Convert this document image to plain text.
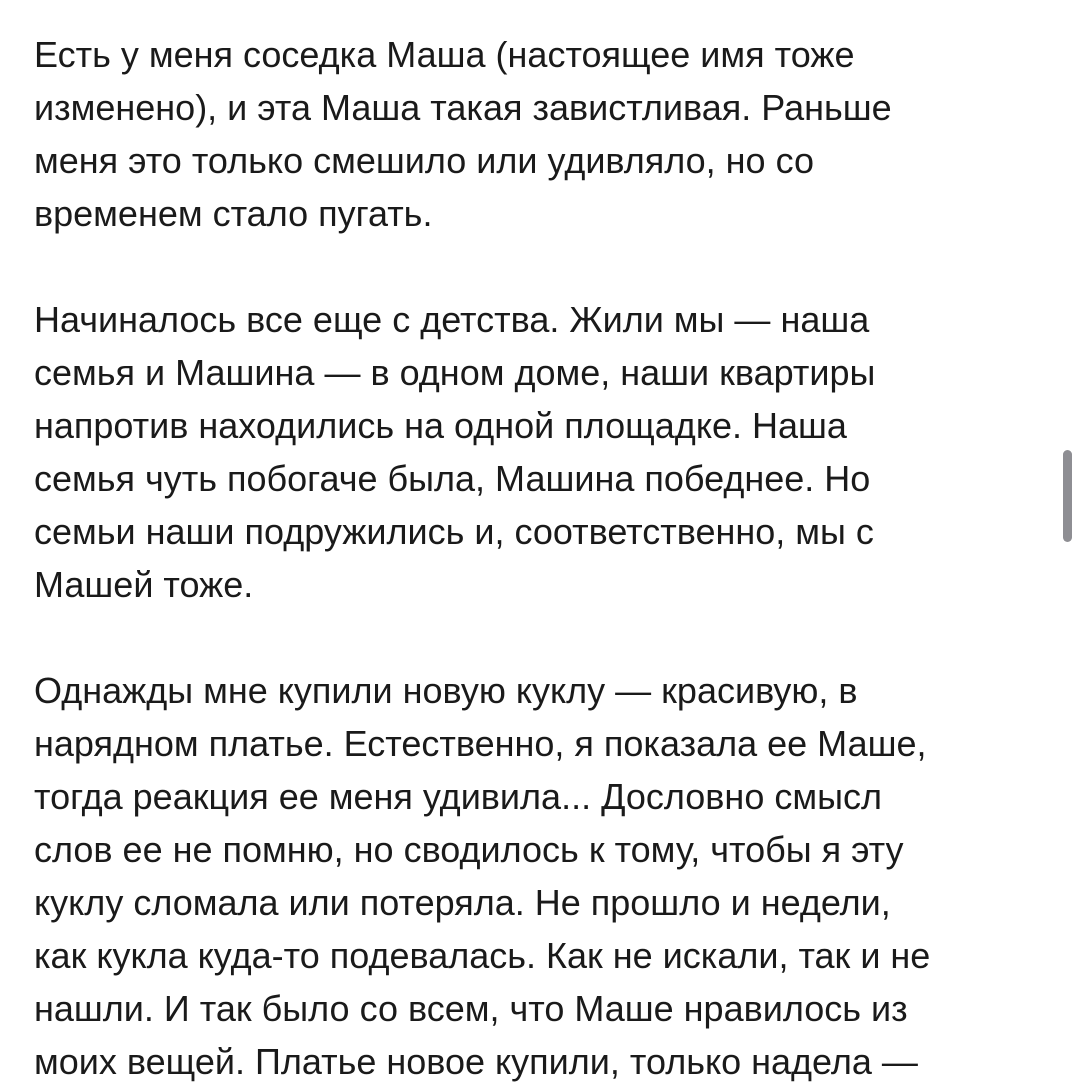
Есть у меня соседка Маша (настоящее имя тоже
изменено), и эта Маша такая завистливая. Раньше
меня это только смешило или удивляло, но со
временем стало пугать.
Начиналось все еще с детства. Жили мы — наша
семья и Машина — в одном доме, наши квартиры
напротив находились на одной площадке. Наша
семья чуть побогаче была, Машина победнее. Но
семьи наши подружились и, соответственно, мы с
Машей тоже.
Однажды мне купили новую куклу — красивую, в
нарядном платье. Естественно, я показала ее Маше,
тогда реакция ее меня удивила... Дословно смысл
слов ее не помню, но сводилось к тому, чтобы я эту
куклу сломала или потеряла. Не прошло и недели,
как кукла куда-то подевалась. Как не искали, так и не
нашли. И так было со всем, что Маше нравилось из
моих вещей. Платье новое купили, только надела —
